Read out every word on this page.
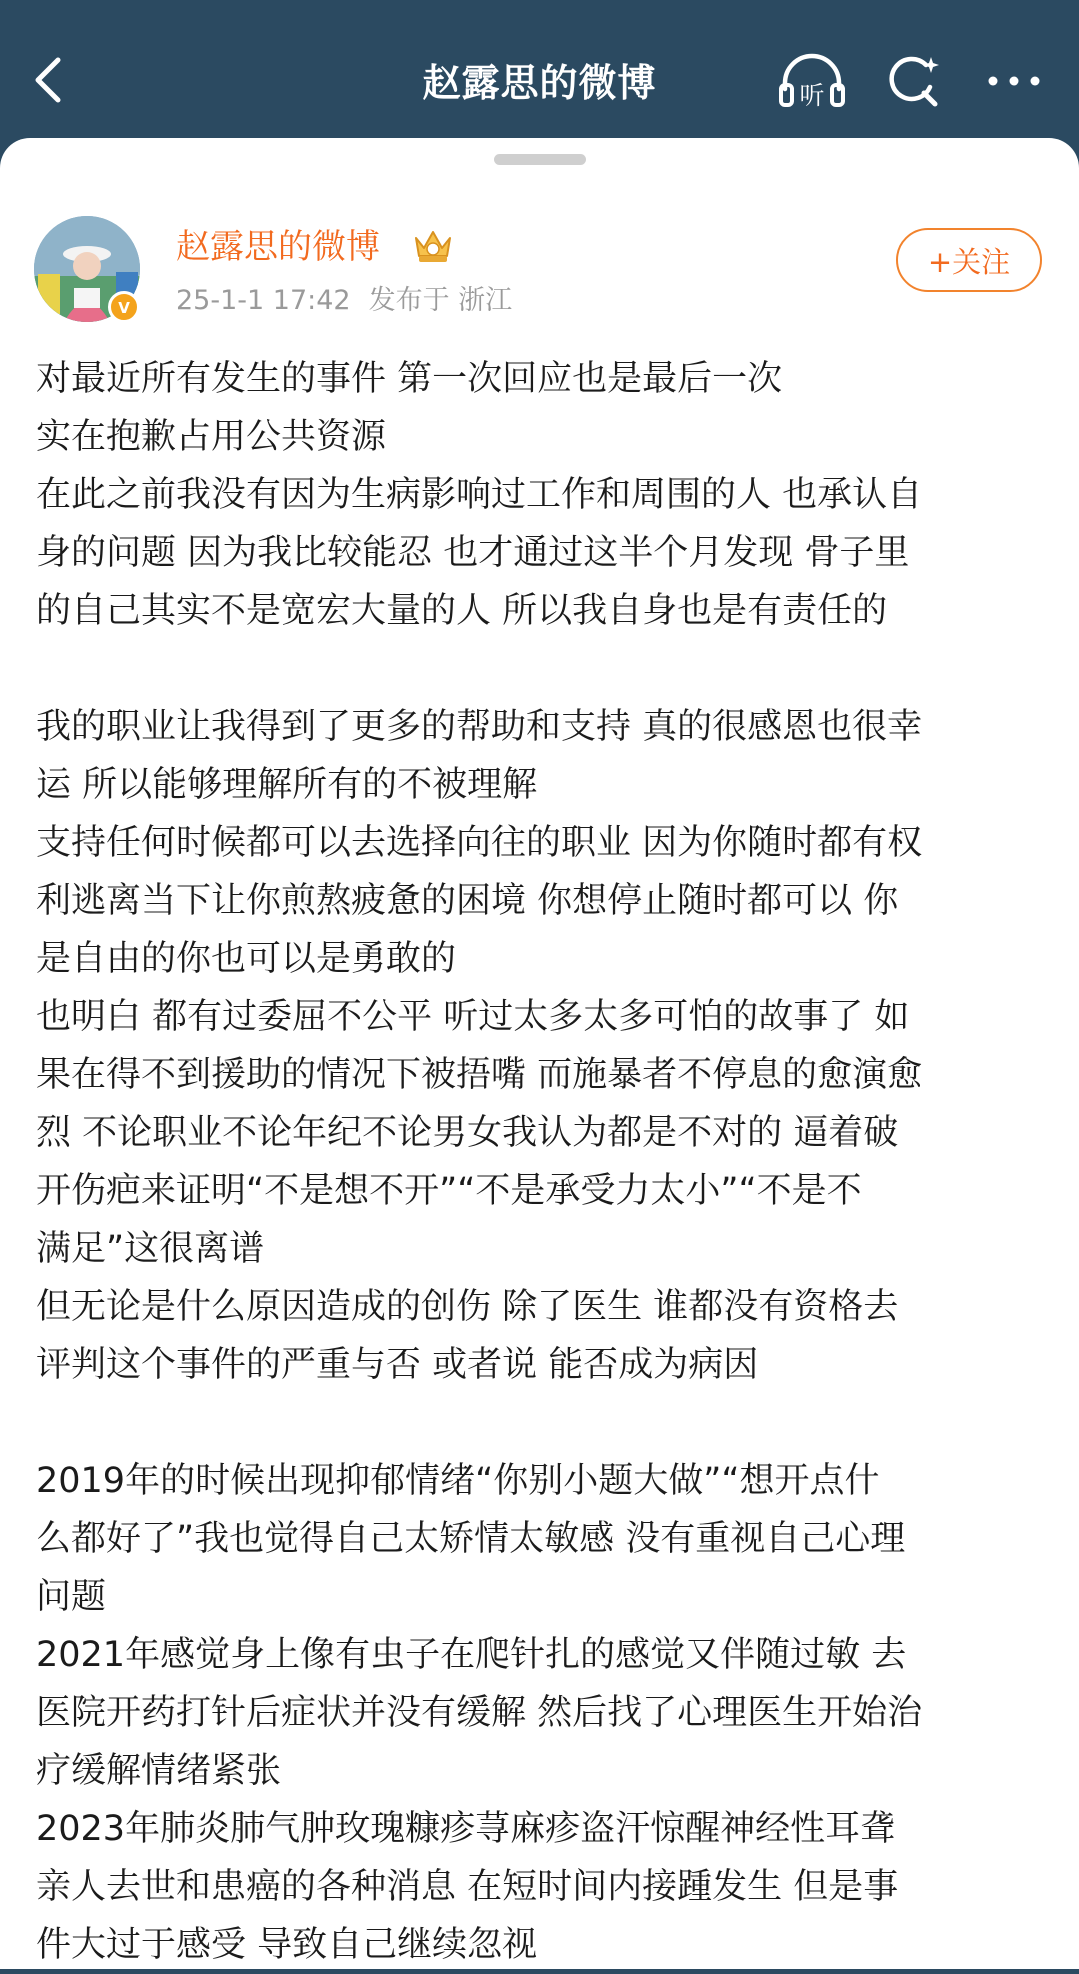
赵露思的微博	听
V
赵露思的微博
25-1-1 17:42 发布于 浙江
+关注
对最近所有发生的事件 第一次回应也是最后一次
实在抱歉占用公共资源
在此之前我没有因为生病影响过工作和周围的人 也承认自
身的问题 因为我比较能忍 也才通过这半个月发现 骨子里
的自己其实不是宽宏大量的人 所以我自身也是有责任的
我的职业让我得到了更多的帮助和支持 真的很感恩也很幸
运 所以能够理解所有的不被理解
支持任何时候都可以去选择向往的职业 因为你随时都有权
利逃离当下让你煎熬疲惫的困境 你想停止随时都可以 你
是自由的你也可以是勇敢的
也明白 都有过委屈不公平 听过太多太多可怕的故事了 如
果在得不到援助的情况下被捂嘴 而施暴者不停息的愈演愈
烈 不论职业不论年纪不论男女我认为都是不对的 逼着破
开伤疤来证明“不是想不开”“不是承受力太小”“不是不
满足”这很离谱
但无论是什么原因造成的创伤 除了医生 谁都没有资格去
评判这个事件的严重与否 或者说 能否成为病因
2019年的时候出现抑郁情绪“你别小题大做”“想开点什
么都好了”我也觉得自己太矫情太敏感 没有重视自己心理
问题
2021年感觉身上像有虫子在爬针扎的感觉又伴随过敏 去
医院开药打针后症状并没有缓解 然后找了心理医生开始治
疗缓解情绪紧张
2023年肺炎肺气肿玫瑰糠疹荨麻疹盗汗惊醒神经性耳聋
亲人去世和患癌的各种消息 在短时间内接踵发生 但是事
件大过于感受 导致自己继续忽视
